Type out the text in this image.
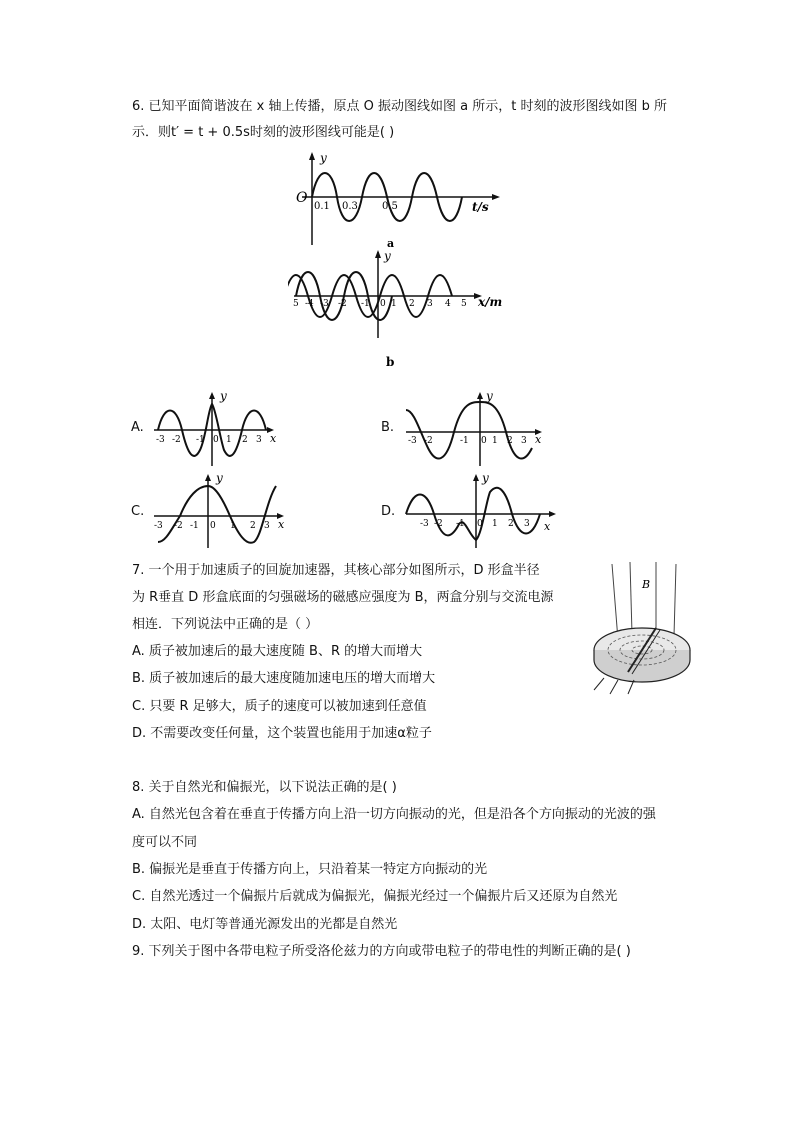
6. 已知平面简谐波在 x 轴上传播，原点 O 振动图线如图 a 所示，t 时刻的波形图线如图 b 所
示．则t′ = t + 0.5s时刻的波形图线可能是( )
y
O
0.1 0.3 0.5	t/s
a
y
5 -4 -3 -2 -1 0 1 2 3 4 5 x/m
b
A.
y
-3 -2 -1 0 1 2 3 x
B.
y
-3 -2	-1 0 1 2 3 x
C.
y
-3 -2 -1 0 1 2 3 x
D.
y
-3 -2 -1 0 1 2 3 x
7. 一个用于加速质子的回旋加速器，其核心部分如图所示，D 形盒半径
为 R垂直 D 形盒底面的匀强磁场的磁感应强度为 B，两盒分别与交流电源
相连．下列说法中正确的是（ ）
A. 质子被加速后的最大速度随 B、R 的增大而增大
B. 质子被加速后的最大速度随加速电压的增大而增大
C. 只要 R 足够大，质子的速度可以被加速到任意值
D. 不需要改变任何量，这个装置也能用于加速α粒子
B
8. 关于自然光和偏振光，以下说法正确的是( )
A. 自然光包含着在垂直于传播方向上沿一切方向振动的光，但是沿各个方向振动的光波的强
度可以不同
B. 偏振光是垂直于传播方向上，只沿着某一特定方向振动的光
C. 自然光透过一个偏振片后就成为偏振光，偏振光经过一个偏振片后又还原为自然光
D. 太阳、电灯等普通光源发出的光都是自然光
9. 下列关于图中各带电粒子所受洛伦兹力的方向或带电粒子的带电性的判断正确的是( )
